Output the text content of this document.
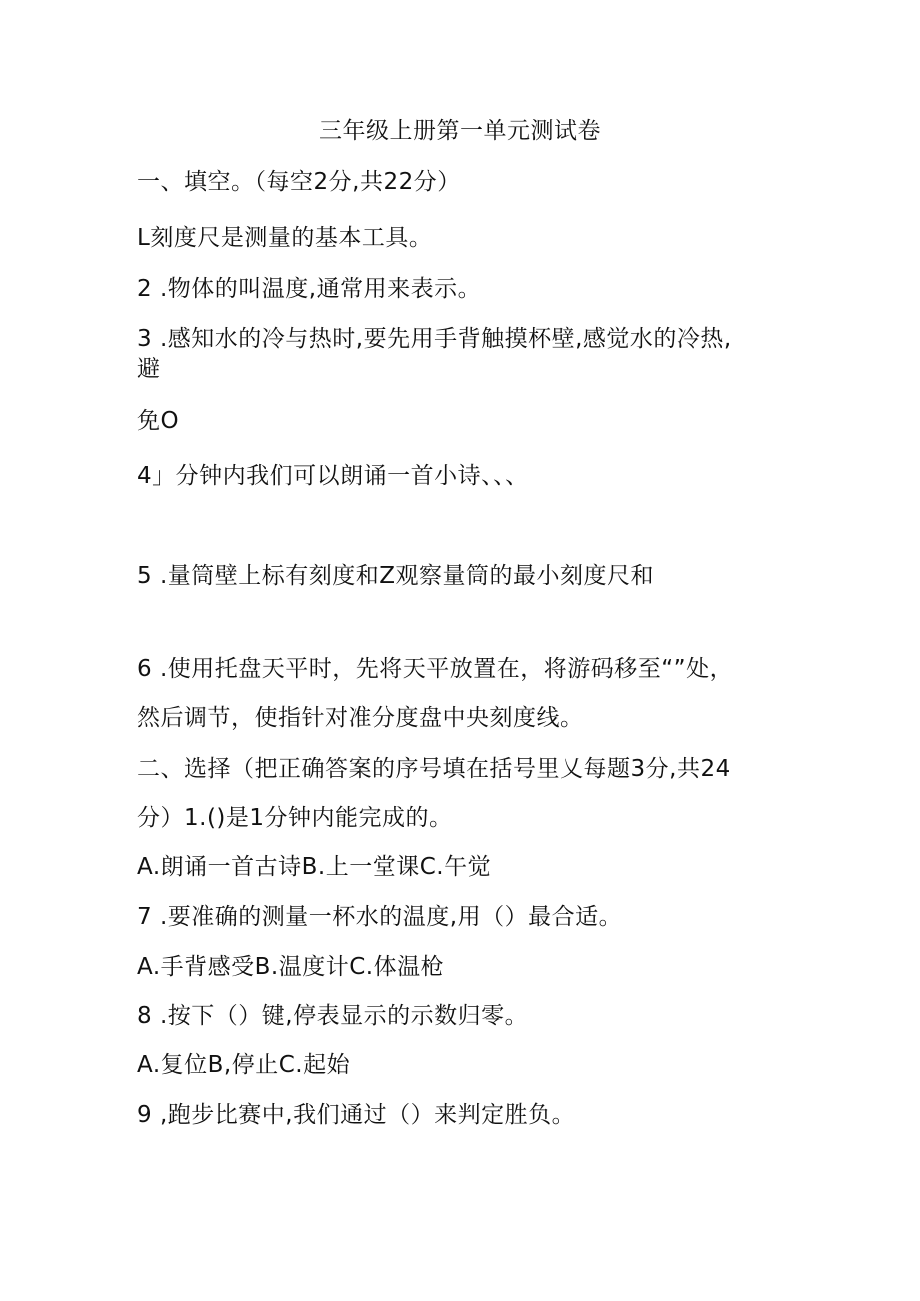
三年级上册第一单元测试卷
一、填空。（每空2分,共22分）
L刻度尺是测量的基本工具。
2 .物体的叫温度,通常用来表示。
3 .感知水的冷与热时,要先用手背触摸杯壁,感觉水的冷热,
避
免O
4」分钟内我们可以朗诵一首小诗、、、
5 .量筒壁上标有刻度和Z观察量筒的最小刻度尺和
6 .使用托盘天平时，先将天平放置在，将游码移至“”处，
然后调节，使指针对准分度盘中央刻度线。
二、选择（把正确答案的序号填在括号里乂每题3分,共24
分）1.()是1分钟内能完成的。
A.朗诵一首古诗B.上一堂课C.午觉
7 .要准确的测量一杯水的温度,用（）最合适。
A.手背感受B.温度计C.体温枪
8 .按下（）键,停表显示的示数归零。
A.复位B,停止C.起始
9 ,跑步比赛中,我们通过（）来判定胜负。
